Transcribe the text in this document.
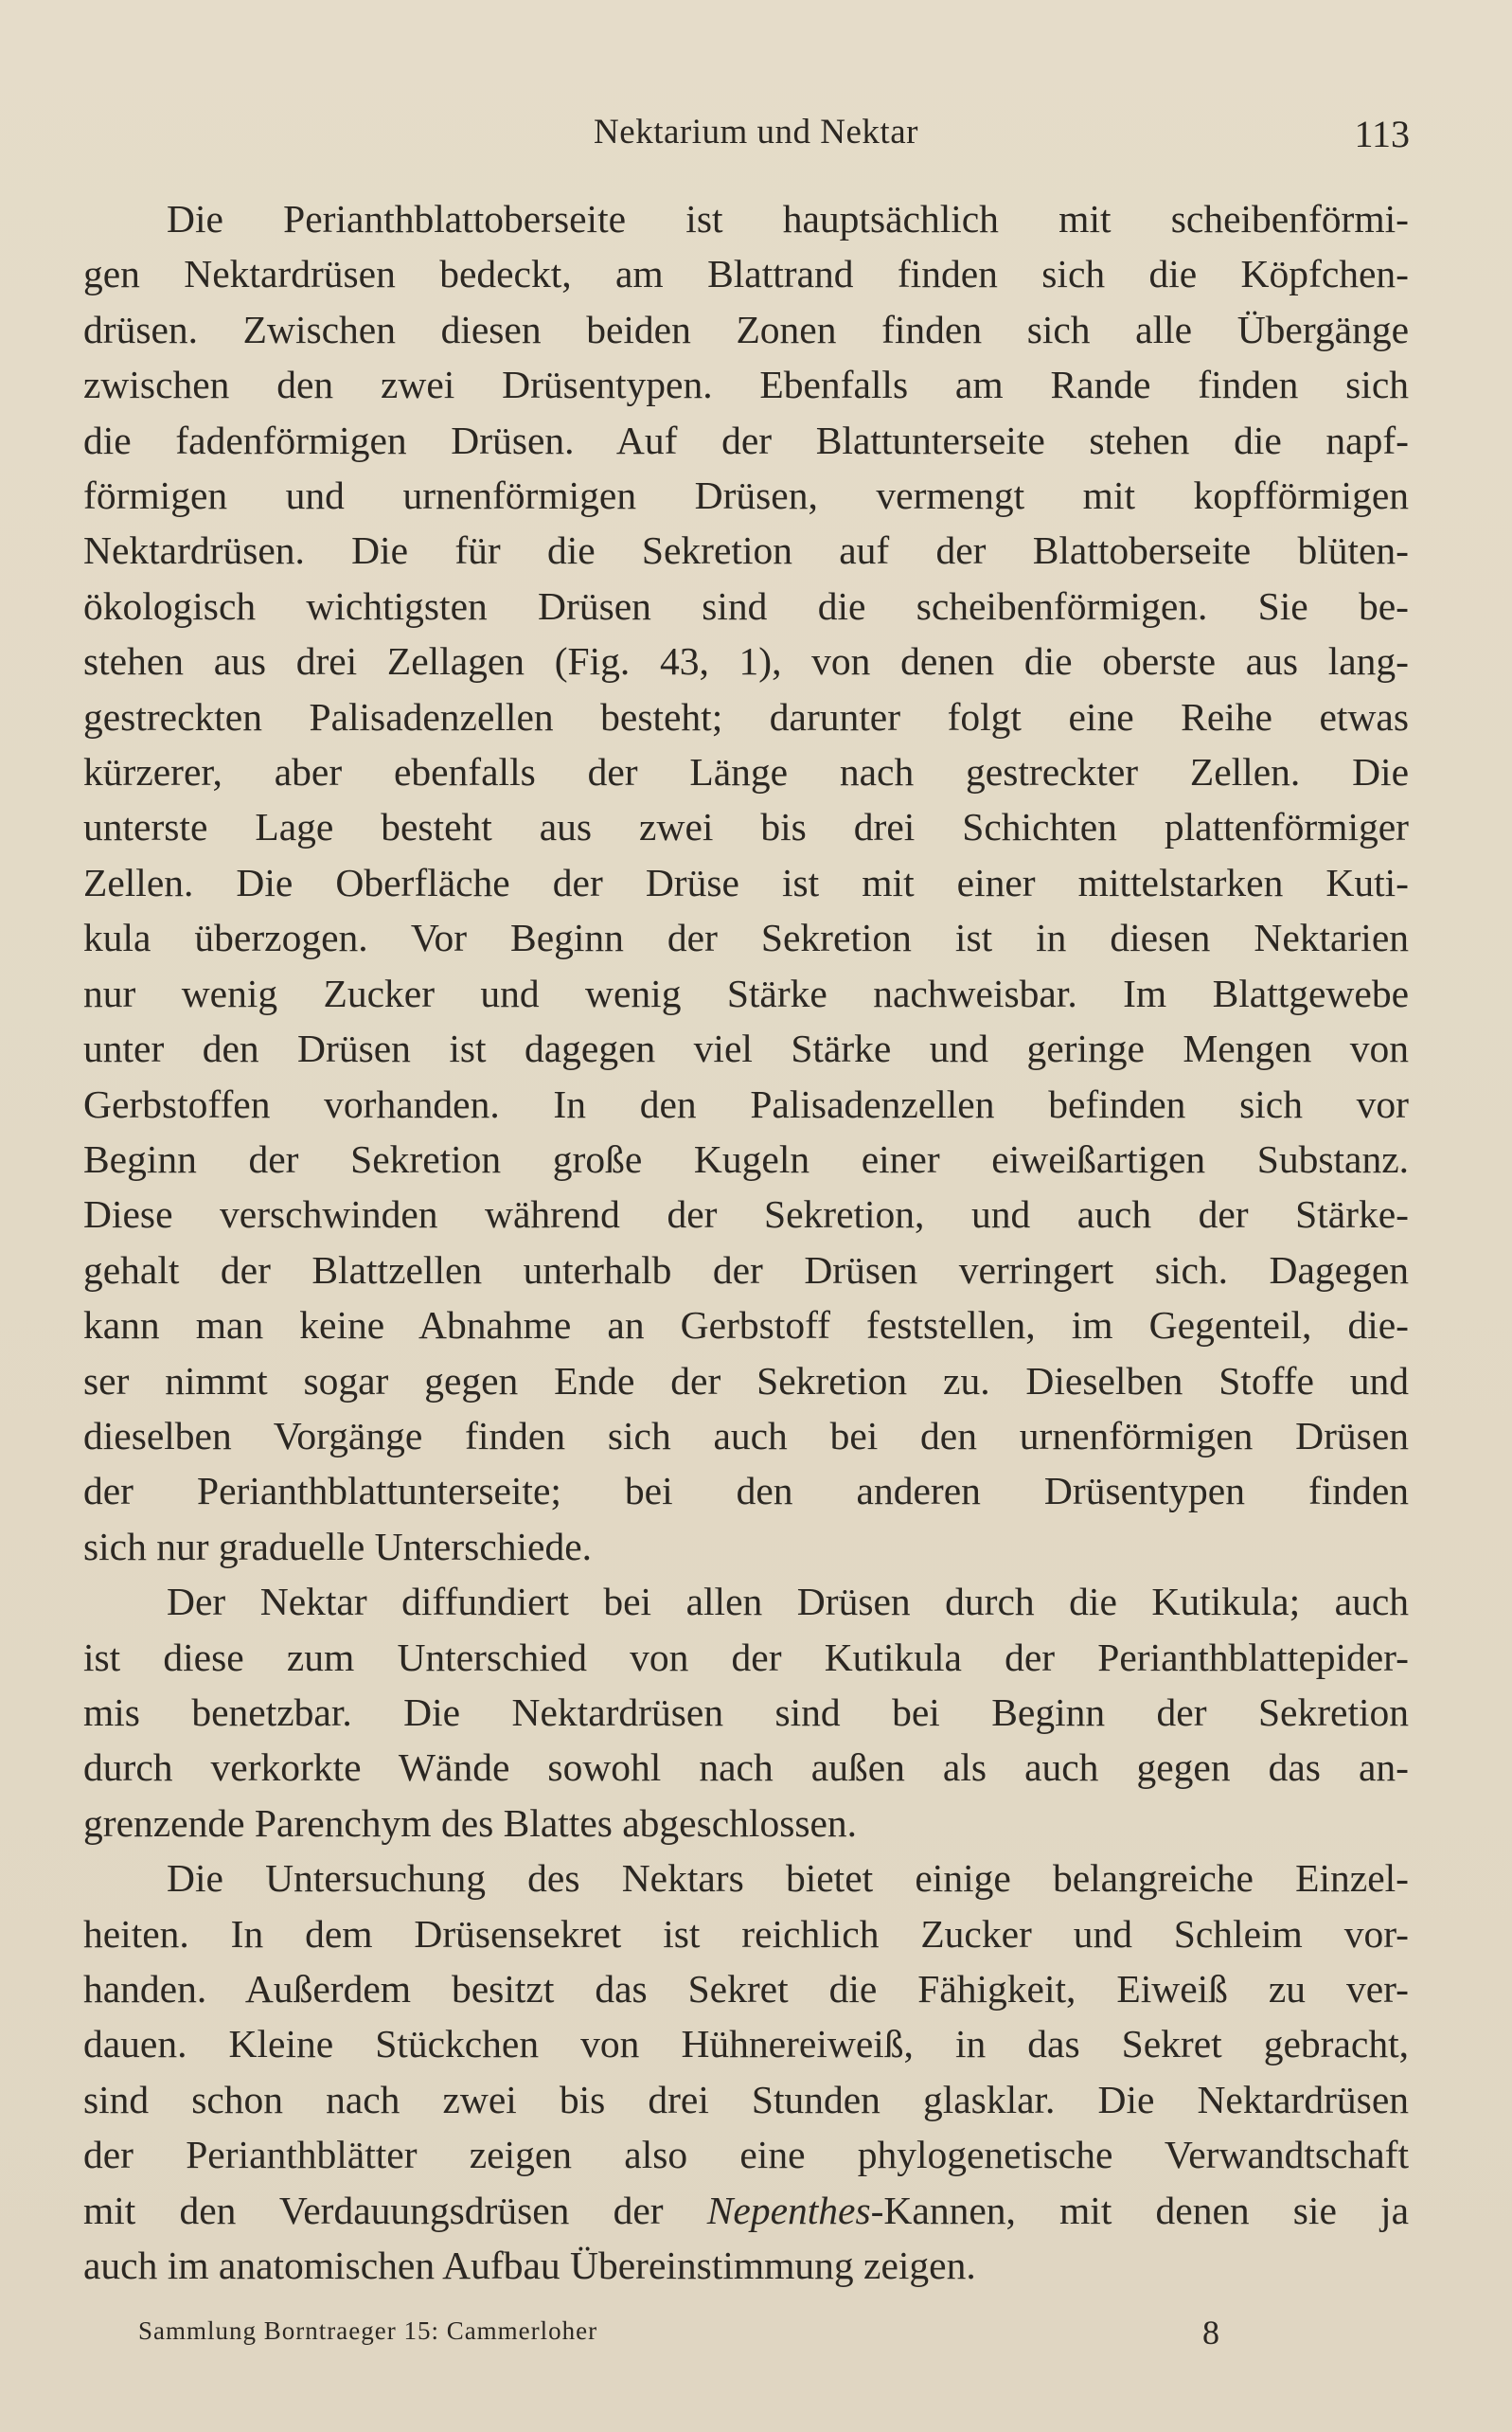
Nektarium und Nektar	113
Die Perianthblattoberseite ist hauptsächlich mit scheibenförmi-
gen Nektardrüsen bedeckt, am Blattrand finden sich die Köpfchen-
drüsen. Zwischen diesen beiden Zonen finden sich alle Übergänge
zwischen den zwei Drüsentypen. Ebenfalls am Rande finden sich
die fadenförmigen Drüsen. Auf der Blattunterseite stehen die napf-
förmigen und urnenförmigen Drüsen, vermengt mit kopfförmigen
Nektardrüsen. Die für die Sekretion auf der Blattoberseite blüten-
ökologisch wichtigsten Drüsen sind die scheibenförmigen. Sie be-
stehen aus drei Zellagen (Fig. 43, 1), von denen die oberste aus lang-
gestreckten Palisadenzellen besteht; darunter folgt eine Reihe etwas
kürzerer, aber ebenfalls der Länge nach gestreckter Zellen. Die
unterste Lage besteht aus zwei bis drei Schichten plattenförmiger
Zellen. Die Oberfläche der Drüse ist mit einer mittelstarken Kuti-
kula überzogen. Vor Beginn der Sekretion ist in diesen Nektarien
nur wenig Zucker und wenig Stärke nachweisbar. Im Blattgewebe
unter den Drüsen ist dagegen viel Stärke und geringe Mengen von
Gerbstoffen vorhanden. In den Palisadenzellen befinden sich vor
Beginn der Sekretion große Kugeln einer eiweißartigen Substanz.
Diese verschwinden während der Sekretion, und auch der Stärke-
gehalt der Blattzellen unterhalb der Drüsen verringert sich. Dagegen
kann man keine Abnahme an Gerbstoff feststellen, im Gegenteil, die-
ser nimmt sogar gegen Ende der Sekretion zu. Dieselben Stoffe und
dieselben Vorgänge finden sich auch bei den urnenförmigen Drüsen
der Perianthblattunterseite; bei den anderen Drüsentypen finden
sich nur graduelle Unterschiede.
Der Nektar diffundiert bei allen Drüsen durch die Kutikula; auch
ist diese zum Unterschied von der Kutikula der Perianthblattepider-
mis benetzbar. Die Nektardrüsen sind bei Beginn der Sekretion
durch verkorkte Wände sowohl nach außen als auch gegen das an-
grenzende Parenchym des Blattes abgeschlossen.
Die Untersuchung des Nektars bietet einige belangreiche Einzel-
heiten. In dem Drüsensekret ist reichlich Zucker und Schleim vor-
handen. Außerdem besitzt das Sekret die Fähigkeit, Eiweiß zu ver-
dauen. Kleine Stückchen von Hühnereiweiß, in das Sekret gebracht,
sind schon nach zwei bis drei Stunden glasklar. Die Nektardrüsen
der Perianthblätter zeigen also eine phylogenetische Verwandtschaft
mit den Verdauungsdrüsen der Nepenthes-Kannen, mit denen sie ja
auch im anatomischen Aufbau Übereinstimmung zeigen.
Sammlung Borntraeger 15: Cammerloher	8
